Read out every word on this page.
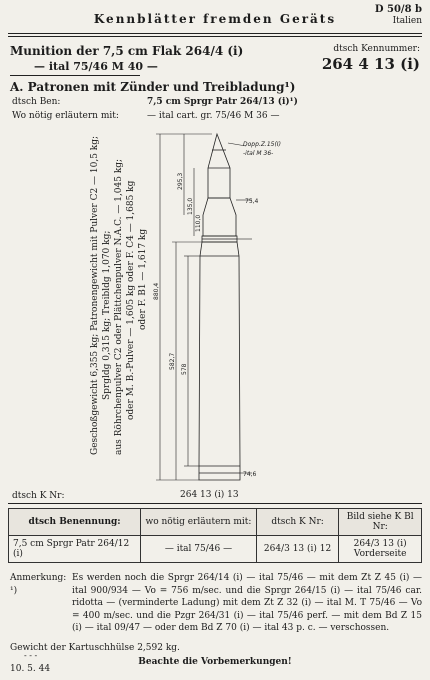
D 50/8 b
Italien
Kennblätter fremden Geräts
Munition der 7,5 cm Flak 264/4 (i)
— ital 75/46 M 40 —
dtsch Kennummer:
264 4 13 (i)
A. Patronen mit Zünder und Treibladung¹)
dtsch Ben:	7,5 cm Sprgr Patr 264/13 (i)¹)
Wo nötig erläutern mit:	— ital cart. gr. 75/46 M 36 —
Geschoßgewicht 6,355 kg; Patronengewicht mit Pulver C2 — 10,5 kg; Sprgldg 0,315 kg; Treibldg 1,070 kg; aus Röhrchenpulver C2 oder Plättchenpulver N.A.C. — 1,045 kg; oder M. B.-Pulver — 1,605 kg oder F. C4 — 1,685 kg oder F. B1 — 1,617 kg 880,4
582,7 578
295,3
135,0
110,0
75,4
74,6
Dopp.Z.15(I)
-ital M 36-
dtsch K Nr:	264 13 (i) 13
dtsch Benennung:	wo nötig erläutern mit:	dtsch K Nr:	Bild siehe K Bl Nr:
7,5 cm Sprgr Patr 264/12 (i)	— ital 75/46 —	264/3 13 (i) 12	264/3 13 (i) Vorderseite
Anmerkung: ¹)
Es werden noch die Sprgr 264/14 (i) — ital 75/46 — mit dem Zt Z 45 (i) — ital 900/934 — Vo = 756 m/sec. und die Sprgr 264/15 (i) — ital 75/46 car. ridotta — (verminderte Ladung) mit dem Zt Z 32 (i) — ital M. T 75/46 — Vo = 400 m/sec. und die Pzgr 264/31 (i) — ital 75/46 perf. — mit dem Bd Z 15 (i) — ital 09/47 — oder dem Bd Z 70 (i) — ital 43 p. c. — verschossen.
Gewicht der Kartuschhülse 2,592 kg.
- - -
Beachte die Vorbemerkungen!
10. 5. 44
